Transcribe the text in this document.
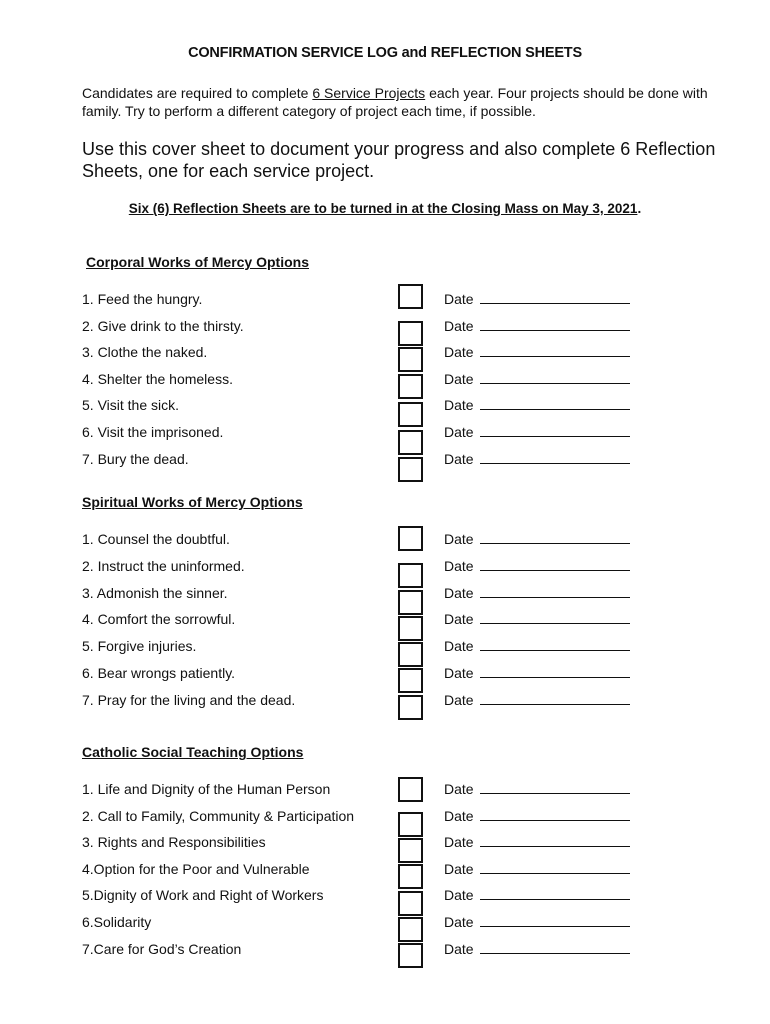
CONFIRMATION SERVICE LOG and REFLECTION SHEETS
Candidates are required to complete 6 Service Projects each year. Four projects should be done with family. Try to perform a different category of project each time, if possible.
Use this cover sheet to document your progress and also complete 6 Reflection Sheets, one for each service project.
Six (6) Reflection Sheets are to be turned in at the Closing Mass on May 3, 2021.
Corporal Works of Mercy Options
1. Feed the hungry.	Date
2. Give drink to the thirsty.	Date
3. Clothe the naked.	Date
4. Shelter the homeless.	Date
5. Visit the sick.	Date
6. Visit the imprisoned.	Date
7. Bury the dead.	Date
Spiritual Works of Mercy Options
1. Counsel the doubtful.	Date
2. Instruct the uninformed.	Date
3. Admonish the sinner.	Date
4. Comfort the sorrowful.	Date
5. Forgive injuries.	Date
6. Bear wrongs patiently.	Date
7. Pray for the living and the dead.	Date
Catholic Social Teaching Options
1. Life and Dignity of the Human Person	Date
2. Call to Family, Community & Participation	Date
3. Rights and Responsibilities	Date
4.Option for the Poor and Vulnerable	Date
5.Dignity of Work and Right of Workers	Date
6.Solidarity	Date
7.Care for God’s Creation	Date
